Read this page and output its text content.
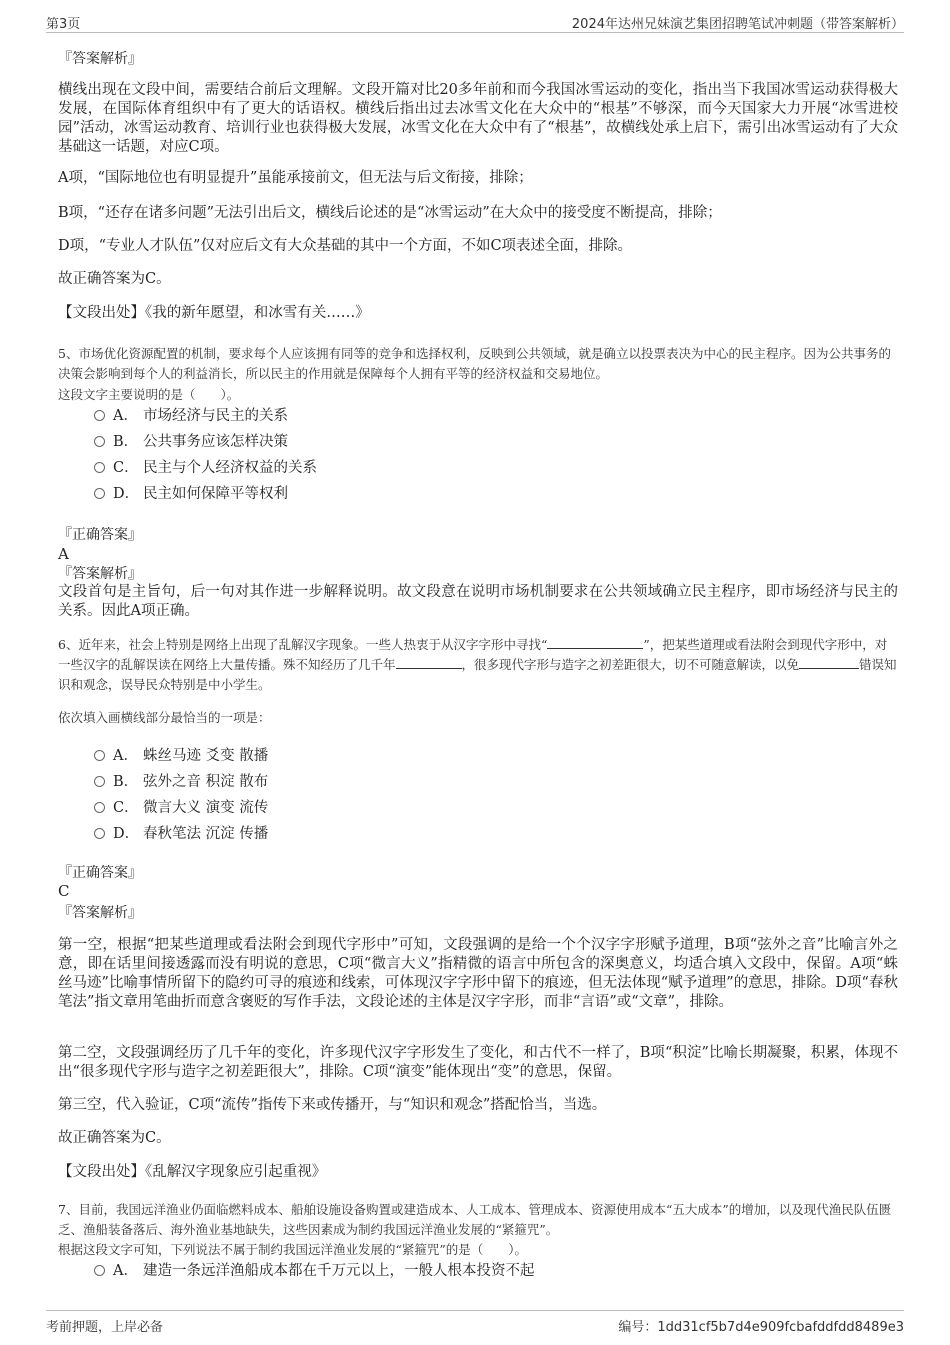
第3页	2024年达州兄妹演艺集团招聘笔试冲刺题（带答案解析）
『答案解析』

横线出现在文段中间，需要结合前后文理解。文段开篇对比20多年前和而今我国冰雪运动的变化，指出当下我国冰雪运动获得极大发展，在国际体育组织中有了更大的话语权。横线后指出过去冰雪文化在大众中的“根基”不够深，而今天国家大力开展“冰雪进校园”活动，冰雪运动教育、培训行业也获得极大发展，冰雪文化在大众中有了“根基”，故横线处承上启下，需引出冰雪运动有了大众基础这一话题，对应C项。

A项，“国际地位也有明显提升”虽能承接前文，但无法与后文衔接，排除；

B项，“还存在诸多问题”无法引出后文，横线后论述的是“冰雪运动”在大众中的接受度不断提高，排除；

D项，“专业人才队伍”仅对应后文有大众基础的其中一个方面，不如C项表述全面，排除。

故正确答案为C。

【文段出处】《我的新年愿望，和冰雪有关……》

5、市场优化资源配置的机制，要求每个人应该拥有同等的竞争和选择权利，反映到公共领域，就是确立以投票表决为中心的民主程序。因为公共事务的决策会影响到每个人的利益消长，所以民主的作用就是保障每个人拥有平等的经济权益和交易地位。

这段文字主要说明的是（　　）。

A． 市场经济与民主的关系
B． 公共事务应该怎样决策
C． 民主与个人经济权益的关系
D． 民主如何保障平等权利
『正确答案』
A
『答案解析』

文段首句是主旨句，后一句对其作进一步解释说明。故文段意在说明市场机制要求在公共领域确立民主程序，即市场经济与民主的关系。因此A项正确。

6、近年来，社会上特别是网络上出现了乱解汉字现象。一些人热衷于从汉字字形中寻找“	”，把某些道理或看法附会到现代字形中，对一些汉字的乱解误读在网络上大量传播。殊不知经历了几千年	，很多现代字形与造字之初差距很大，切不可随意解读，以免	错误知识和观念，误导民众特别是中小学生。

依次填入画横线部分最恰当的一项是：

A． 蛛丝马迹 爻变 散播
B． 弦外之音 积淀 散布
C． 微言大义 演变 流传
D． 春秋笔法 沉淀 传播
『正确答案』
C
『答案解析』

第一空，根据“把某些道理或看法附会到现代字形中”可知，文段强调的是给一个个汉字字形赋予道理，B项“弦外之音”比喻言外之意，即在话里间接透露而没有明说的意思，C项“微言大义”指精微的语言中所包含的深奥意义，均适合填入文段中，保留。A项“蛛丝马迹”比喻事情所留下的隐约可寻的痕迹和线索，可体现汉字字形中留下的痕迹，但无法体现“赋予道理”的意思，排除。D项“春秋笔法”指文章用笔曲折而意含褒贬的写作手法，文段论述的主体是汉字字形，而非“言语”或“文章”，排除。

第二空，文段强调经历了几千年的变化，许多现代汉字字形发生了变化，和古代不一样了，B项“积淀”比喻长期凝聚，积累，体现不出“很多现代字形与造字之初差距很大”，排除。C项“演变”能体现出“变”的意思，保留。

第三空，代入验证，C项“流传”指传下来或传播开，与“知识和观念”搭配恰当，当选。

故正确答案为C。

【文段出处】《乱解汉字现象应引起重视》

7、目前，我国远洋渔业仍面临燃料成本、船舶设施设备购置或建造成本、人工成本、管理成本、资源使用成本“五大成本”的增加，以及现代渔民队伍匮乏、渔船装备落后、海外渔业基地缺失，这些因素成为制约我国远洋渔业发展的“紧箍咒”。

根据这段文字可知，下列说法不属于制约我国远洋渔业发展的“紧箍咒”的是（　　）。

A． 建造一条远洋渔船成本都在千万元以上，一般人根本投资不起
考前押题，上岸必备	编号：1dd31cf5b7d4e909fcbafddfdd8489e3
